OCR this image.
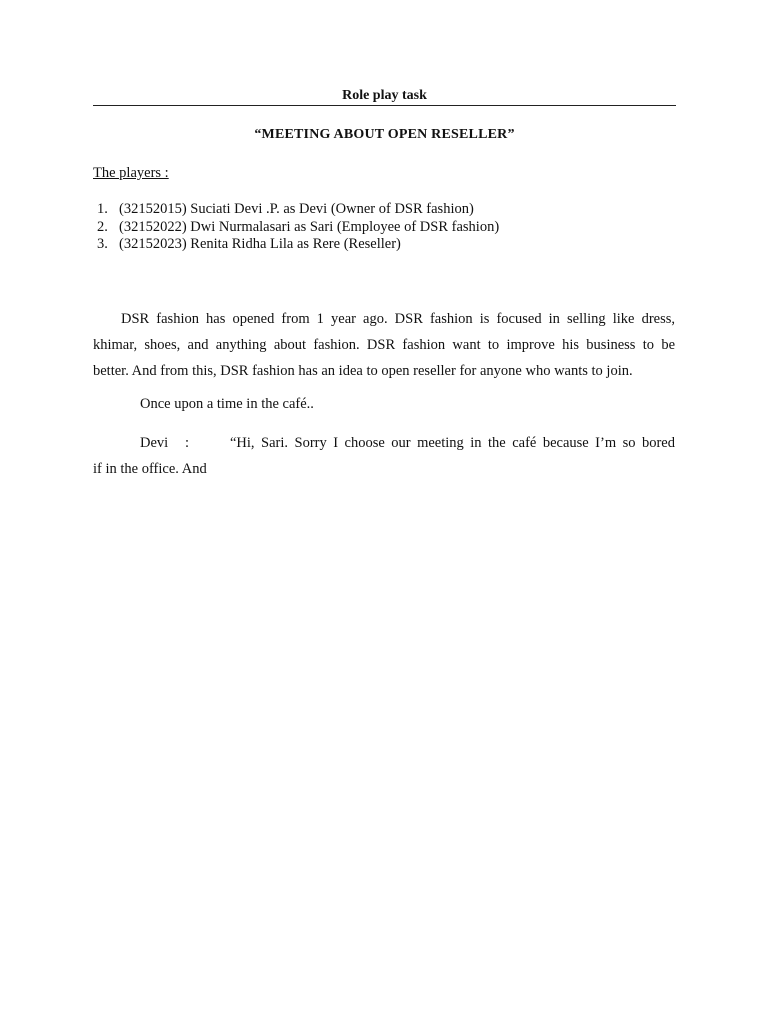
Role play task
“MEETING ABOUT OPEN RESELLER”
The players :
1. (32152015) Suciati Devi .P. as Devi (Owner of DSR fashion)
2. (32152022) Dwi Nurmalasari as Sari (Employee of DSR fashion)
3. (32152023) Renita Ridha Lila as Rere (Reseller)
DSR fashion has opened from 1 year ago. DSR fashion is focused in selling like dress,
khimar, shoes, and anything about fashion. DSR fashion want to improve his business to be
better. And from this, DSR fashion has an idea to open reseller for anyone who wants to join.
Once upon a time in the café..
Devi	:	“Hi, Sari. Sorry I choose our meeting in the café because I’m so bored
if in the office. And
